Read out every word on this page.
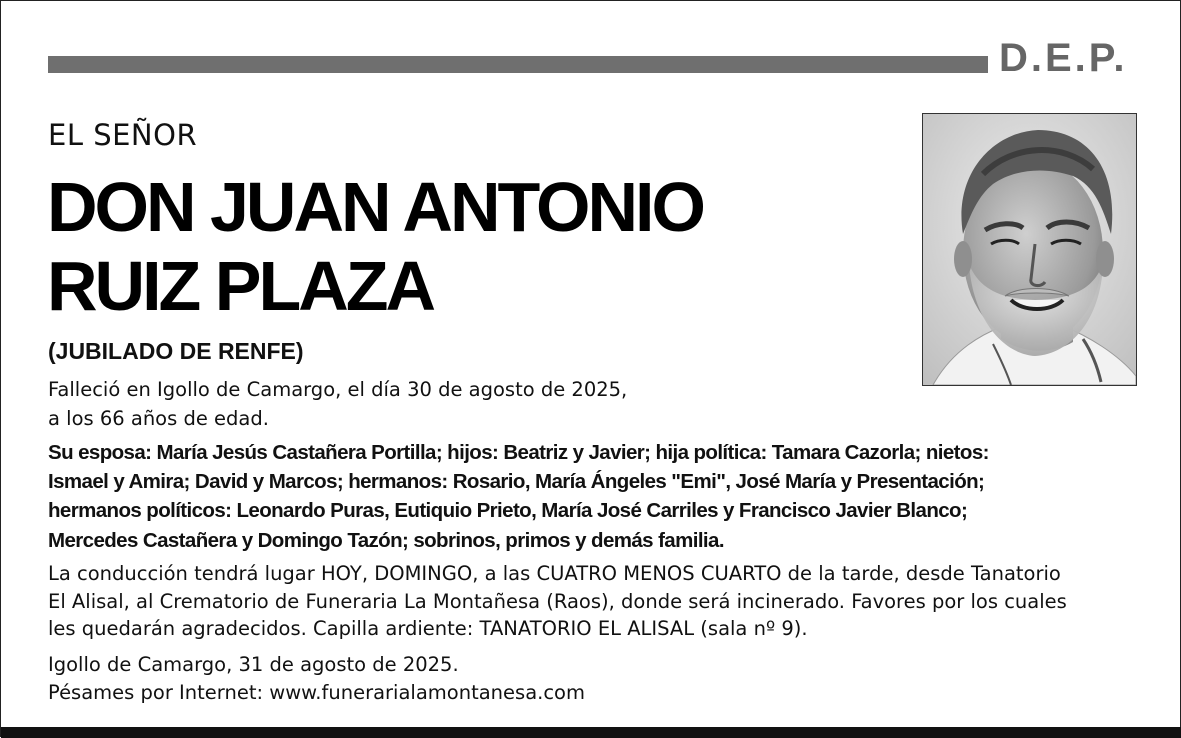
D.E.P.
EL SEÑOR
DON JUAN ANTONIO
RUIZ PLAZA
(JUBILADO DE RENFE)
Falleció en Igollo de Camargo, el día 30 de agosto de 2025,
a los 66 años de edad.
Su esposa: María Jesús Castañera Portilla; hijos: Beatriz y Javier; hija política: Tamara Cazorla; nietos:
Ismael y Amira; David y Marcos; hermanos: Rosario, María Ángeles "Emi", José María y Presentación;
hermanos políticos: Leonardo Puras, Eutiquio Prieto, María José Carriles y Francisco Javier Blanco;
Mercedes Castañera y Domingo Tazón; sobrinos, primos y demás familia.
La conducción tendrá lugar HOY, DOMINGO, a las CUATRO MENOS CUARTO de la tarde, desde Tanatorio
El Alisal, al Crematorio de Funeraria La Montañesa (Raos), donde será incinerado. Favores por los cuales
les quedarán agradecidos. Capilla ardiente: TANATORIO EL ALISAL (sala nº 9).
Igollo de Camargo, 31 de agosto de 2025.
Pésames por Internet: www.funerarialamontanesa.com
